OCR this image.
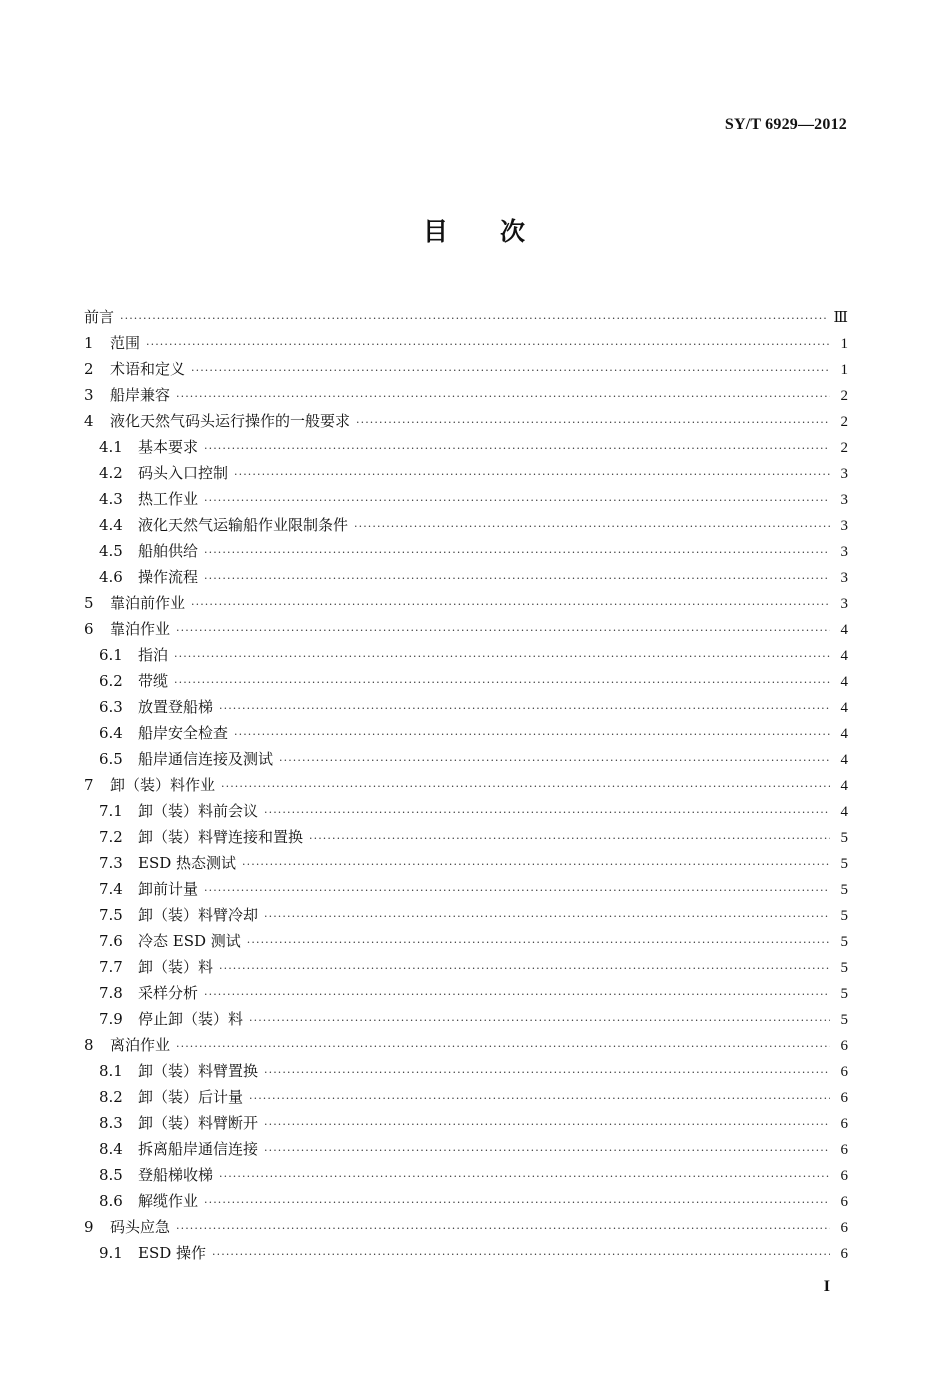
SY/T 6929—2012
目 次
前言 ·····	Ⅲ
1	范围 ·····	1
2	术语和定义 ·····	1
3	船岸兼容 ·····	2
4	液化天然气码头运行操作的一般要求 ·····	2
4.1	基本要求 ·····	2
4.2	码头入口控制 ·····	3
4.3	热工作业 ·····	3
4.4	液化天然气运输船作业限制条件 ·····	3
4.5	船舶供给 ·····	3
4.6	操作流程 ·····	3
5	靠泊前作业 ·····	3
6	靠泊作业 ·····	4
6.1	指泊 ·····	4
6.2	带缆 ·····	4
6.3	放置登船梯 ·····	4
6.4	船岸安全检查 ·····	4
6.5	船岸通信连接及测试 ·····	4
7	卸（装）料作业 ·····	4
7.1	卸（装）料前会议 ·····	4
7.2	卸（装）料臂连接和置换 ·····	5
7.3	ESD 热态测试 ·····	5
7.4	卸前计量 ·····	5
7.5	卸（装）料臂冷却 ·····	5
7.6	冷态 ESD 测试 ·····	5
7.7	卸（装）料 ·····	5
7.8	采样分析 ·····	5
7.9	停止卸（装）料 ·····	5
8	离泊作业 ·····	6
8.1	卸（装）料臂置换 ·····	6
8.2	卸（装）后计量 ·····	6
8.3	卸（装）料臂断开 ·····	6
8.4	拆离船岸通信连接 ·····	6
8.5	登船梯收梯 ·····	6
8.6	解缆作业 ·····	6
9	码头应急 ·····	6
9.1	ESD 操作 ·····	6
I
